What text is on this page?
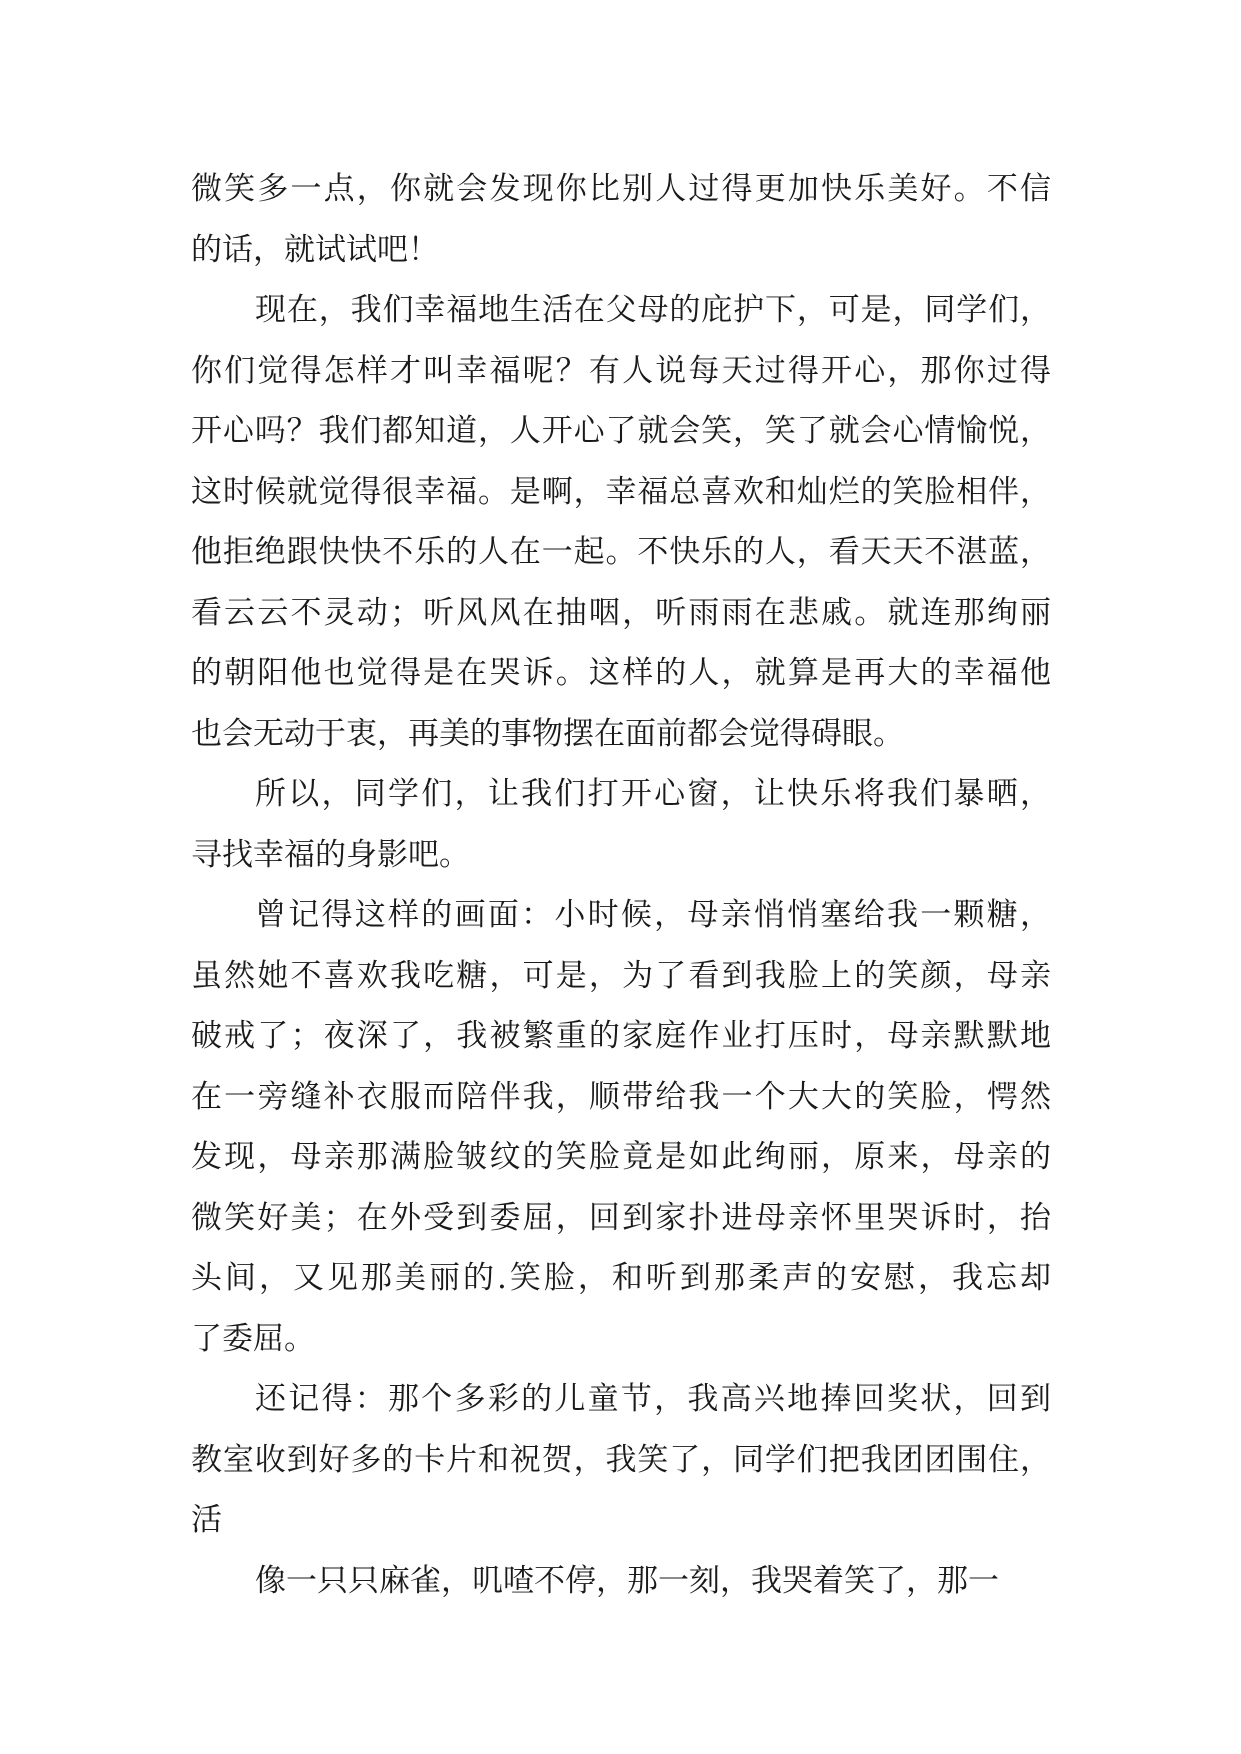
微笑多一点，你就会发现你比别人过得更加快乐美好。不信
的话，就试试吧！
现在，我们幸福地生活在父母的庇护下，可是，同学们，
你们觉得怎样才叫幸福呢？有人说每天过得开心，那你过得
开心吗？我们都知道，人开心了就会笑，笑了就会心情愉悦，
这时候就觉得很幸福。是啊，幸福总喜欢和灿烂的笑脸相伴，
他拒绝跟快快不乐的人在一起。不快乐的人，看天天不湛蓝，
看云云不灵动；听风风在抽咽，听雨雨在悲戚。就连那绚丽
的朝阳他也觉得是在哭诉。这样的人，就算是再大的幸福他
也会无动于衷，再美的事物摆在面前都会觉得碍眼。
所以，同学们，让我们打开心窗，让快乐将我们暴晒，
寻找幸福的身影吧。
曾记得这样的画面：小时候，母亲悄悄塞给我一颗糖，
虽然她不喜欢我吃糖，可是，为了看到我脸上的笑颜，母亲
破戒了；夜深了，我被繁重的家庭作业打压时，母亲默默地
在一旁缝补衣服而陪伴我，顺带给我一个大大的笑脸，愕然
发现，母亲那满脸皱纹的笑脸竟是如此绚丽，原来，母亲的
微笑好美；在外受到委屈，回到家扑进母亲怀里哭诉时，抬
头间，又见那美丽的.笑脸，和听到那柔声的安慰，我忘却
了委屈。
还记得：那个多彩的儿童节，我高兴地捧回奖状，回到
教室收到好多的卡片和祝贺，我笑了，同学们把我团团围住，
活
像一只只麻雀，叽喳不停，那一刻，我哭着笑了，那一
